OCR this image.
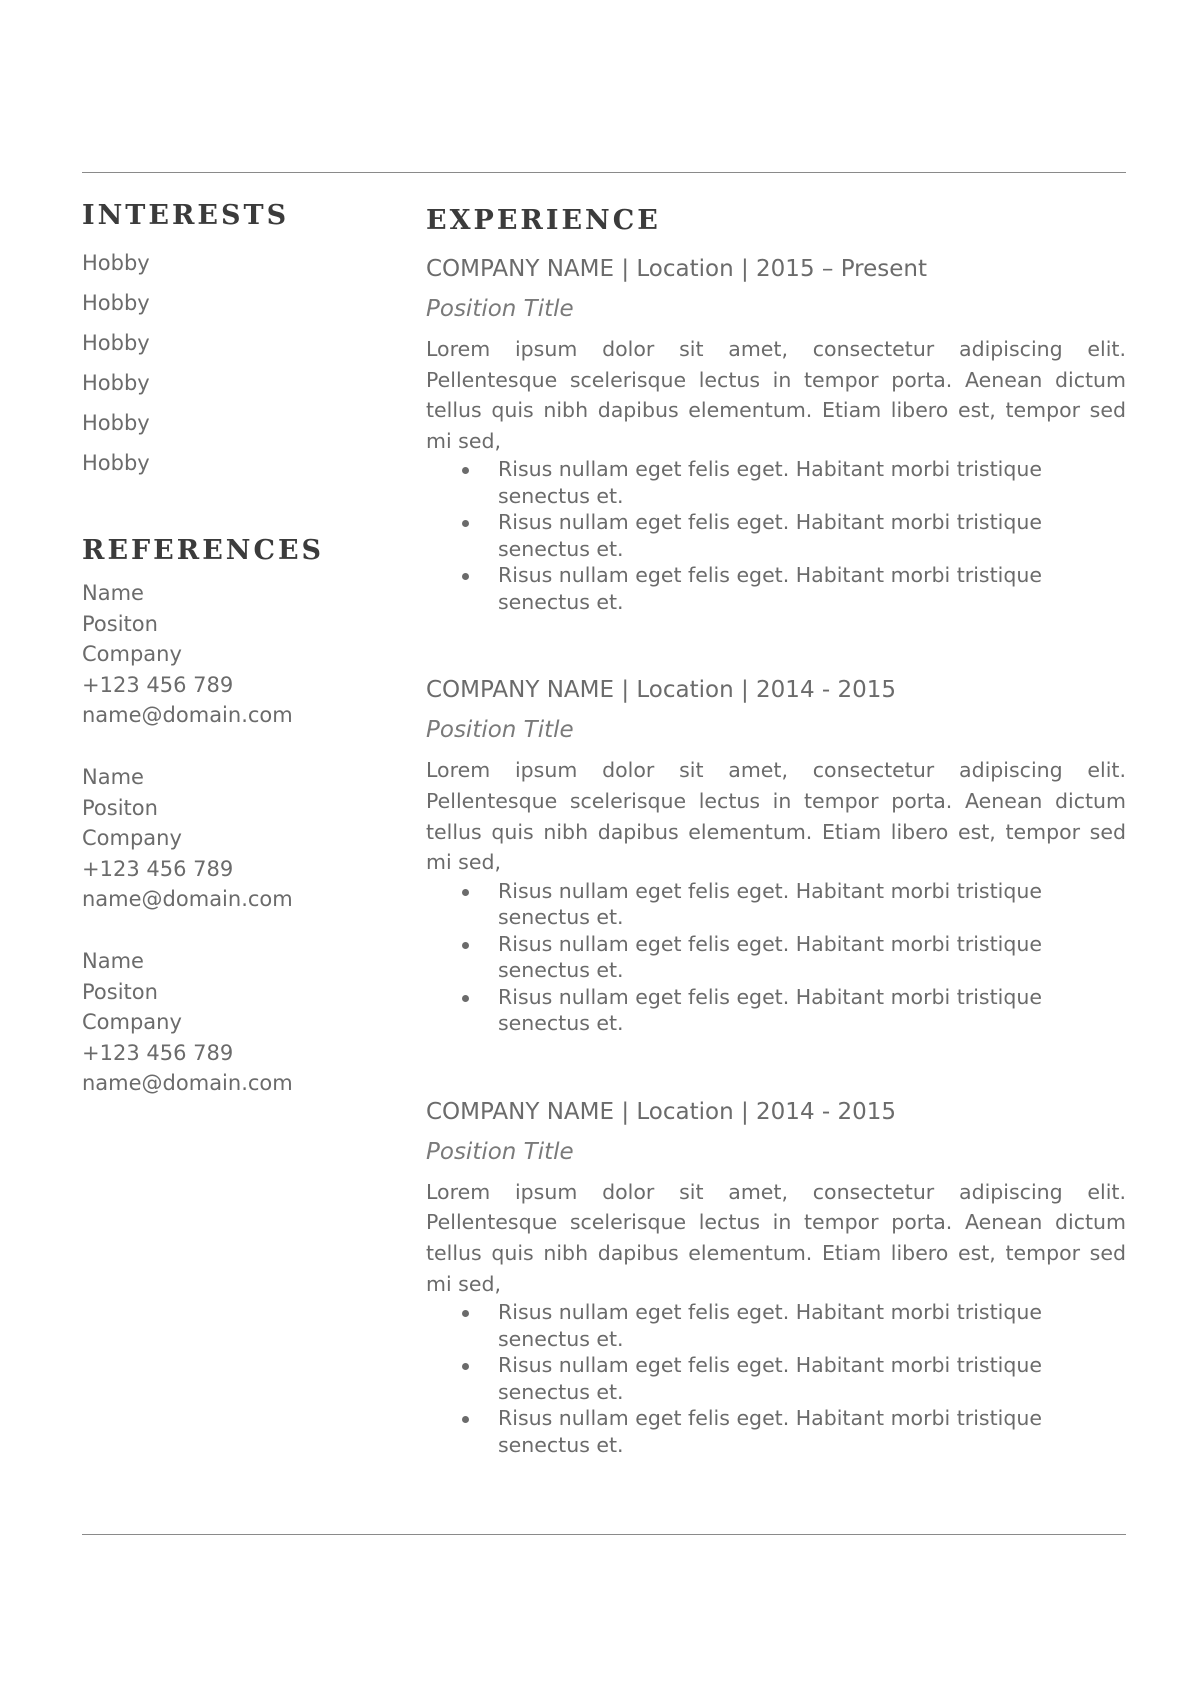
INTERESTS
Hobby
Hobby
Hobby
Hobby
Hobby
Hobby
REFERENCES
Name
Positon
Company
+123 456 789
name@domain.com
Name
Positon
Company
+123 456 789
name@domain.com
Name
Positon
Company
+123 456 789
name@domain.com
EXPERIENCE
COMPANY NAME | Location | 2015 – Present
Position Title
Lorem ipsum dolor sit amet, consectetur adipiscing elit. Pellentesque scelerisque lectus in tempor porta. Aenean dictum tellus quis nibh dapibus elementum. Etiam libero est, tempor sed mi sed,
Risus nullam eget felis eget. Habitant morbi tristique senectus et.
Risus nullam eget felis eget. Habitant morbi tristique senectus et.
Risus nullam eget felis eget. Habitant morbi tristique senectus et.
COMPANY NAME | Location | 2014 - 2015
Position Title
Lorem ipsum dolor sit amet, consectetur adipiscing elit. Pellentesque scelerisque lectus in tempor porta. Aenean dictum tellus quis nibh dapibus elementum. Etiam libero est, tempor sed mi sed,
Risus nullam eget felis eget. Habitant morbi tristique senectus et.
Risus nullam eget felis eget. Habitant morbi tristique senectus et.
Risus nullam eget felis eget. Habitant morbi tristique senectus et.
COMPANY NAME | Location | 2014 - 2015
Position Title
Lorem ipsum dolor sit amet, consectetur adipiscing elit. Pellentesque scelerisque lectus in tempor porta. Aenean dictum tellus quis nibh dapibus elementum. Etiam libero est, tempor sed mi sed,
Risus nullam eget felis eget. Habitant morbi tristique senectus et.
Risus nullam eget felis eget. Habitant morbi tristique senectus et.
Risus nullam eget felis eget. Habitant morbi tristique senectus et.
